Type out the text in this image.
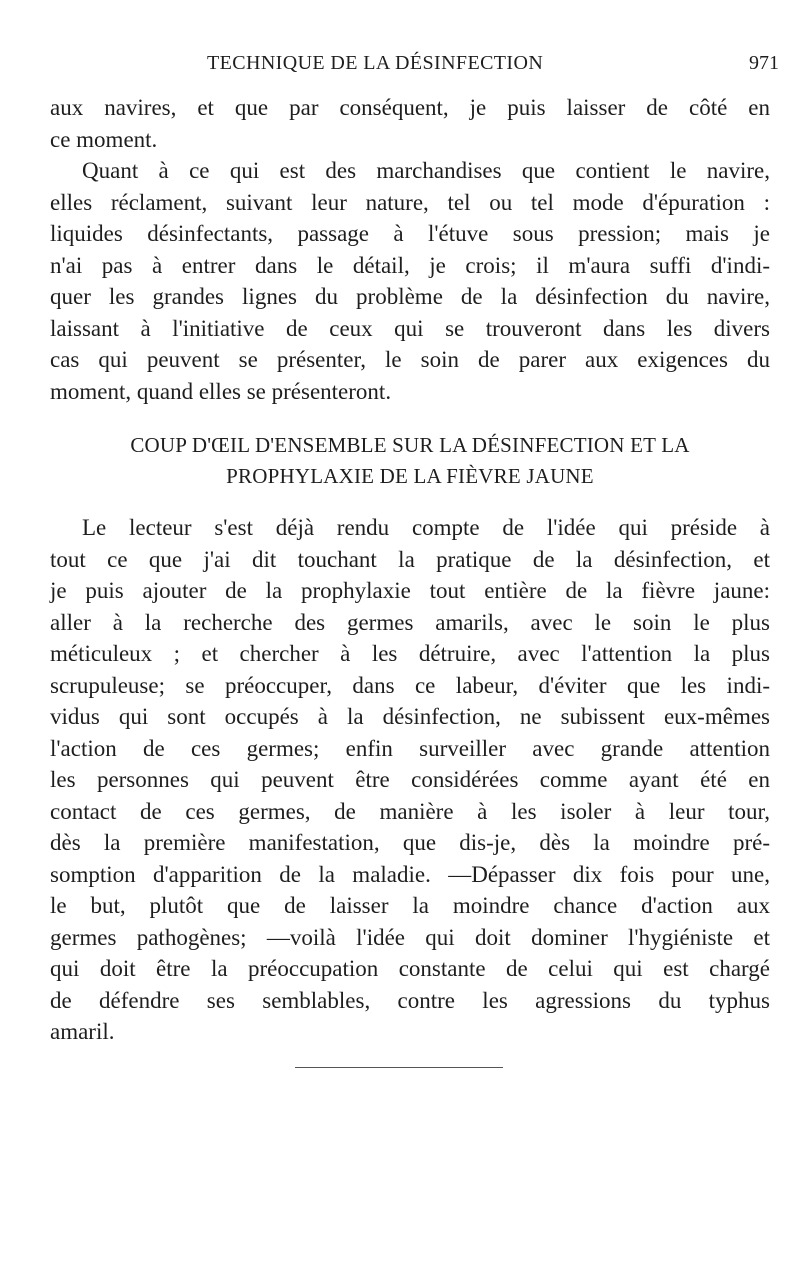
TECHNIQUE DE LA DÉSINFECTION	971
aux navires, et que par conséquent, je puis laisser de côté en
ce moment.
Quant à ce qui est des marchandises que contient le navire,
elles réclament, suivant leur nature, tel ou tel mode d'épuration :
liquides désinfectants, passage à l'étuve sous pression; mais je
n'ai pas à entrer dans le détail, je crois; il m'aura suffi d'indi-
quer les grandes lignes du problème de la désinfection du navire,
laissant à l'initiative de ceux qui se trouveront dans les divers
cas qui peuvent se présenter, le soin de parer aux exigences du
moment, quand elles se présenteront.
COUP D'ŒIL D'ENSEMBLE SUR LA DÉSINFECTION ET LA
PROPHYLAXIE DE LA FIÈVRE JAUNE
Le lecteur s'est déjà rendu compte de l'idée qui préside à
tout ce que j'ai dit touchant la pratique de la désinfection, et
je puis ajouter de la prophylaxie tout entière de la fièvre jaune:
aller à la recherche des germes amarils, avec le soin le plus
méticuleux ; et chercher à les détruire, avec l'attention la plus
scrupuleuse; se préoccuper, dans ce labeur, d'éviter que les indi-
vidus qui sont occupés à la désinfection, ne subissent eux-mêmes
l'action de ces germes; enfin surveiller avec grande attention
les personnes qui peuvent être considérées comme ayant été en
contact de ces germes, de manière à les isoler à leur tour,
dès la première manifestation, que dis-je, dès la moindre pré-
somption d'apparition de la maladie. —Dépasser dix fois pour une,
le but, plutôt que de laisser la moindre chance d'action aux
germes pathogènes; —voilà l'idée qui doit dominer l'hygiéniste et
qui doit être la préoccupation constante de celui qui est chargé
de défendre ses semblables, contre les agressions du typhus
amaril.
